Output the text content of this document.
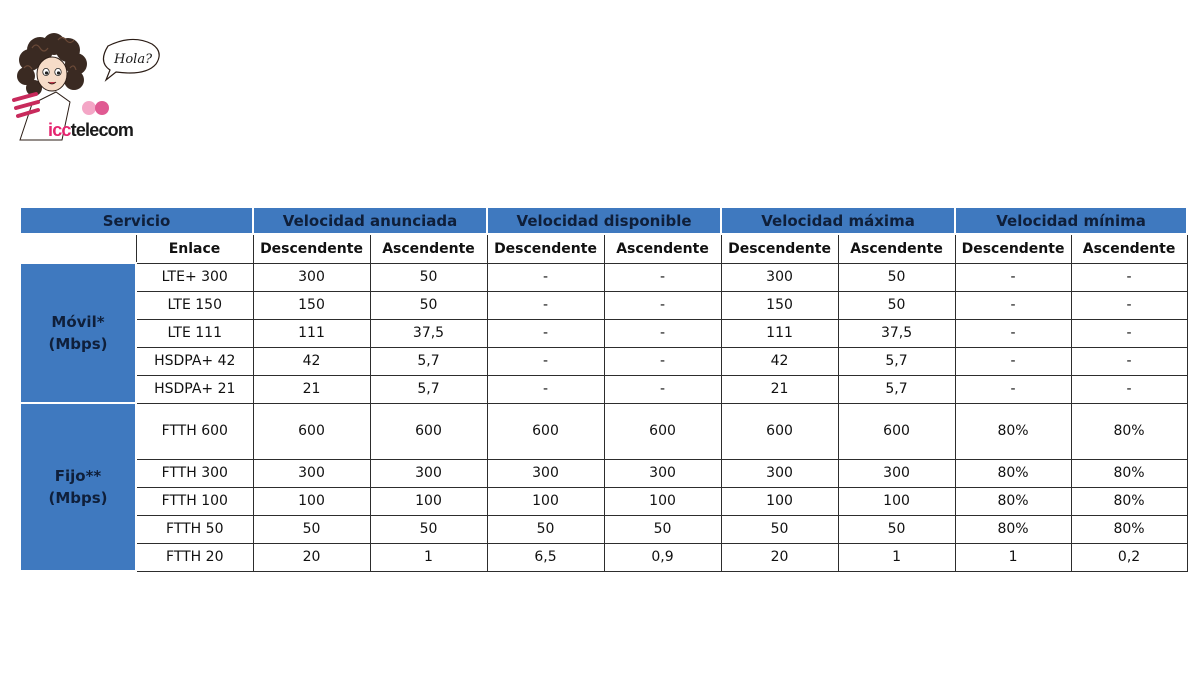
Hola?
icctelecom
Servicio		Velocidad anunciada		Velocidad disponible		Velocidad máxima		Velocidad mínima	
	Enlace	Descendente	Ascendente	Descendente	Ascendente	Descendente	Ascendente	Descendente	Ascendente
Móvil*
(Mbps)	LTE+ 300	300	50	-	-	300	50	-	-
	LTE 150	150	50	-	-	150	50	-	-
	LTE 111	111	37,5	-	-	111	37,5	-	-
	HSDPA+ 42	42	5,7	-	-	42	5,7	-	-
	HSDPA+ 21	21	5,7	-	-	21	5,7	-	-
Fijo**
(Mbps)	FTTH 600	600	600	600	600	600	600	80%	80%
	FTTH 300	300	300	300	300	300	300	80%	80%
	FTTH 100	100	100	100	100	100	100	80%	80%
	FTTH 50	50	50	50	50	50	50	80%	80%
	FTTH 20	20	1	6,5	0,9	20	1	1	0,2
